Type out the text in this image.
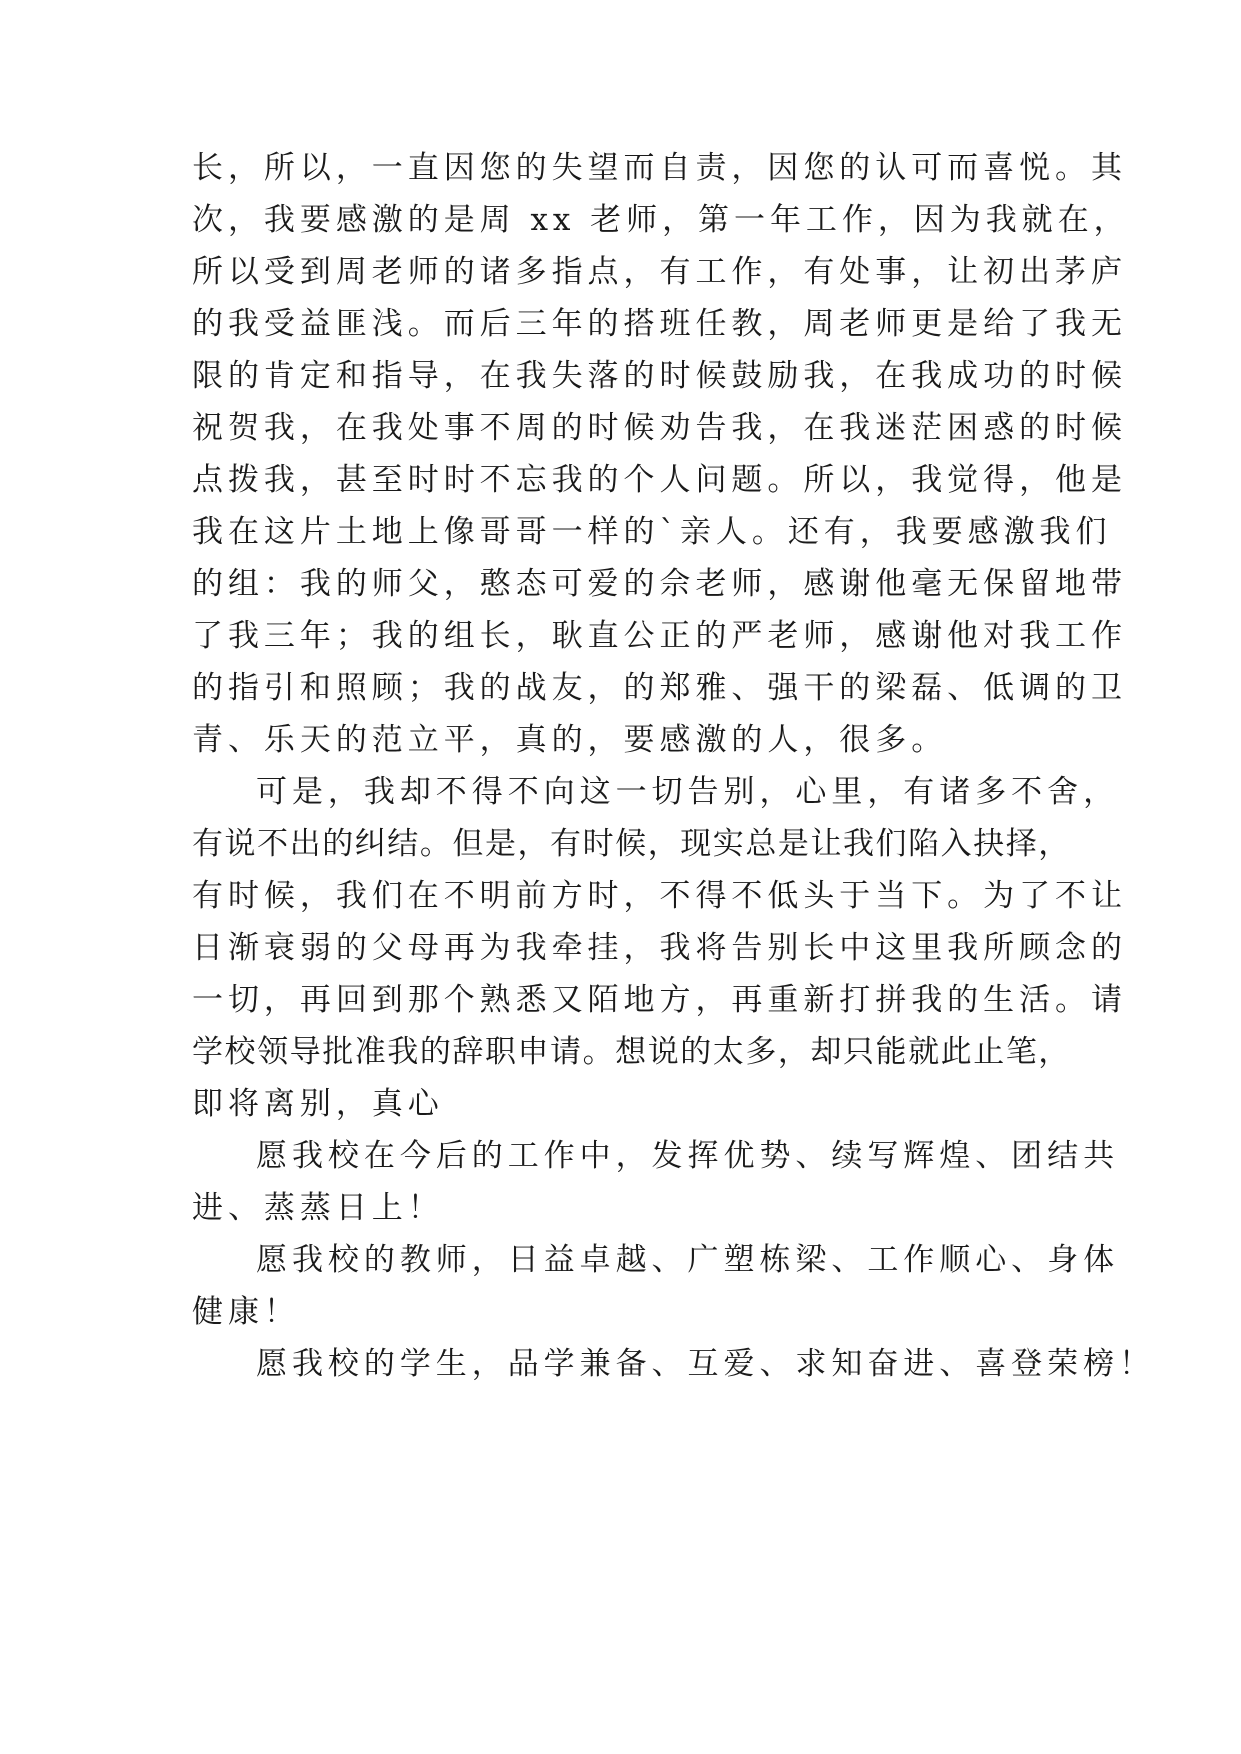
长，所以，一直因您的失望而自责，因您的认可而喜悦。其
次，我要感激的是周 xx 老师，第一年工作，因为我就在，
所以受到周老师的诸多指点，有工作，有处事，让初出茅庐
的我受益匪浅。而后三年的搭班任教，周老师更是给了我无
限的肯定和指导，在我失落的时候鼓励我，在我成功的时候
祝贺我，在我处事不周的时候劝告我，在我迷茫困惑的时候
点拨我，甚至时时不忘我的个人问题。所以，我觉得，他是
我在这片土地上像哥哥一样的`亲人。还有，我要感激我们
的组：我的师父，憨态可爱的佘老师，感谢他毫无保留地带
了我三年；我的组长，耿直公正的严老师，感谢他对我工作
的指引和照顾；我的战友，的郑雅、强干的梁磊、低调的卫
青、乐天的范立平，真的，要感激的人，很多。
可是，我却不得不向这一切告别，心里，有诸多不舍，
有说不出的纠结。但是，有时候，现实总是让我们陷入抉择，
有时候，我们在不明前方时，不得不低头于当下。为了不让
日渐衰弱的父母再为我牵挂，我将告别长中这里我所顾念的
一切，再回到那个熟悉又陌地方，再重新打拼我的生活。请
学校领导批准我的辞职申请。想说的太多，却只能就此止笔，
即将离别，真心
愿我校在今后的工作中，发挥优势、续写辉煌、团结共
进、蒸蒸日上！
愿我校的教师，日益卓越、广塑栋梁、工作顺心、身体
健康！
愿我校的学生，品学兼备、互爱、求知奋进、喜登荣榜！
